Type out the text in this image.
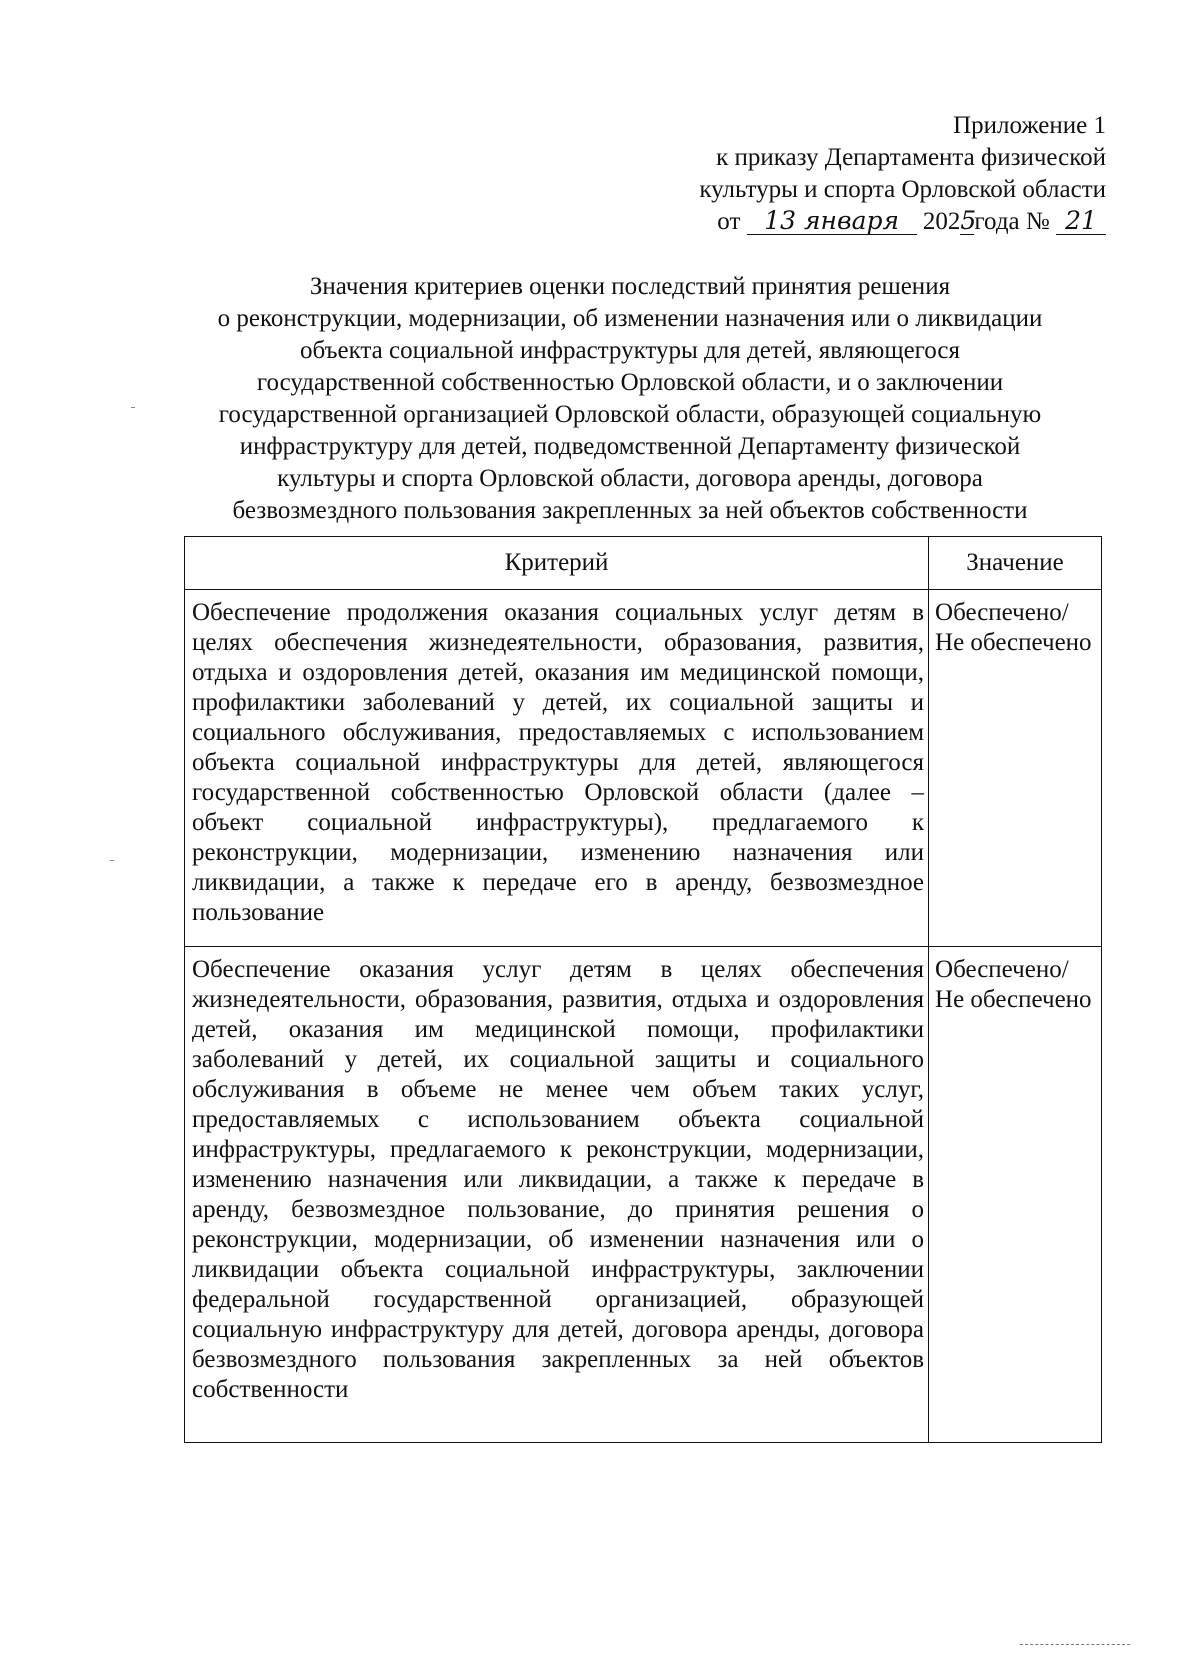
Приложение 1
к приказу Департамента физической
культуры и спорта Орловской области
от 13 января 2025года № 21
Значения критериев оценки последствий принятия решения
о реконструкции, модернизации, об изменении назначения или о ликвидации
объекта социальной инфраструктуры для детей, являющегося
государственной собственностью Орловской области, и о заключении
государственной организацией Орловской области, образующей социальную
инфраструктуру для детей, подведомственной Департаменту физической
культуры и спорта Орловской области, договора аренды, договора
безвозмездного пользования закрепленных за ней объектов собственности
Критерий	Значение
Обеспечение продолжения оказания социальных услуг детям в целях обеспечения жизнедеятельности, образования, развития, отдыха и оздоровления детей, оказания им медицинской помощи, профилактики заболеваний у детей, их социальной защиты и социального обслуживания, предоставляемых с использованием объекта социальной инфраструктуры для детей, являющегося государственной собственностью Орловской области (далее – объект социальной инфраструктуры), предлагаемого к реконструкции, модернизации, изменению назначения или ликвидации, а также к передаче его в аренду, безвозмездное пользование	Обеспечено/
Не обеспечено

Обеспечение оказания услуг детям в целях обеспечения жизнедеятельности, образования, развития, отдыха и оздоровления детей, оказания им медицинской помощи, профилактики заболеваний у детей, их социальной защиты и социального обслуживания в объеме не менее чем объем таких услуг, предоставляемых с использованием объекта социальной инфраструктуры, предлагаемого к реконструкции, модернизации, изменению назначения или ликвидации, а также к передаче в аренду, безвозмездное пользование, до принятия решения о реконструкции, модернизации, об изменении назначения или о ликвидации объекта социальной инфраструктуры, заключении федеральной государственной организацией, образующей социальную инфраструктуру для детей, договора аренды, договора безвозмездного пользования закрепленных за ней объектов собственности	Обеспечено/
Не обеспечено
